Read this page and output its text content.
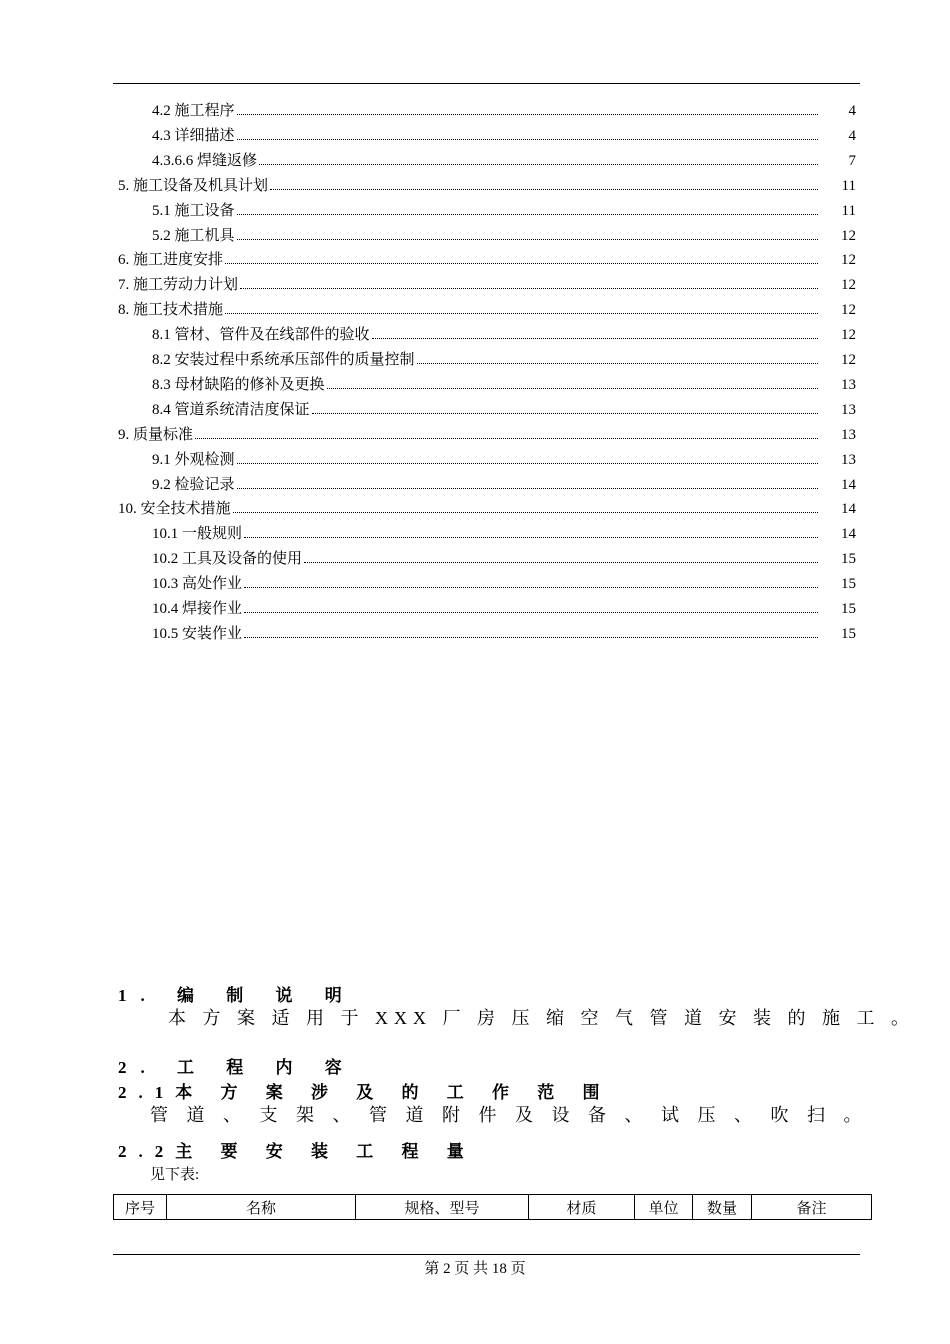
4.2 施工程序	4
4.3 详细描述	4
4.3.6.6 焊缝返修	7
5. 施工设备及机具计划	11
5.1 施工设备	11
5.2 施工机具	12
6. 施工进度安排	12
7. 施工劳动力计划	12
8. 施工技术措施	12
8.1 管材、管件及在线部件的验收	12
8.2 安装过程中系统承压部件的质量控制	12
8.3 母材缺陷的修补及更换	13
8.4 管道系统清洁度保证	13
9. 质量标准	13
9.1 外观检测	13
9.2 检验记录	14
10. 安全技术措施	14
10.1 一般规则	14
10.2 工具及设备的使用	15
10.3 高处作业	15
10.4 焊接作业	15
10.5 安装作业	15
1. 编 制 说 明
本 方 案 适 用 于 XXX 厂 房 压 缩 空 气 管 道 安 装 的 施 工 。
2. 工 程 内 容
2.1本 方 案 涉 及 的 工 作 范 围
管 道 、 支 架 、 管 道 附 件 及 设 备 、 试 压 、 吹 扫 。
2.2主 要 安 装 工 程 量
见下表:
序号	名称	规格、型号	材质	单位	数量	备注
第 2 页 共 18 页
